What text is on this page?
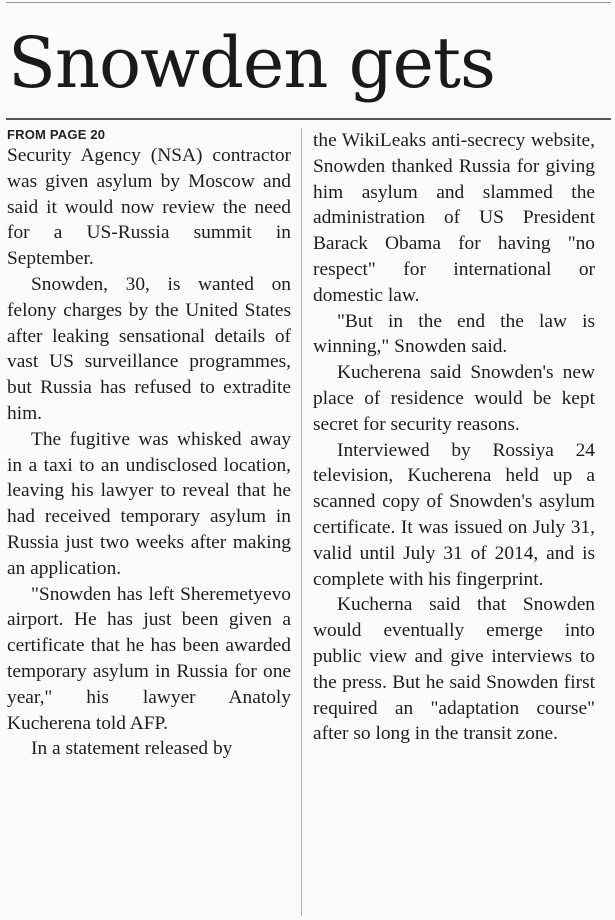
Snowden gets
FROM PAGE 20

Security Agency (NSA) contractor was given asylum by Moscow and said it would now review the need for a US-Russia summit in September.

Snowden, 30, is wanted on felony charges by the United States after leaking sensational details of vast US surveillance programmes, but Russia has refused to extradite him.

The fugitive was whisked away in a taxi to an undisclosed location, leaving his lawyer to reveal that he had received temporary asylum in Russia just two weeks after making an application.

"Snowden has left Sheremetyevo airport. He has just been given a certificate that he has been awarded temporary asylum in Russia for one year," his lawyer Anatoly Kucherena told AFP.

In a statement released by

the WikiLeaks anti-secrecy website, Snowden thanked Russia for giving him asylum and slammed the administration of US President Barack Obama for having "no respect" for international or domestic law.

"But in the end the law is winning," Snowden said.

Kucherena said Snowden's new place of residence would be kept secret for security reasons.

Interviewed by Rossiya 24 television, Kucherena held up a scanned copy of Snowden's asylum certificate. It was issued on July 31, valid until July 31 of 2014, and is complete with his fingerprint.

Kucherna said that Snowden would eventually emerge into public view and give interviews to the press. But he said Snowden first required an "adaptation course" after so long in the transit zone.
